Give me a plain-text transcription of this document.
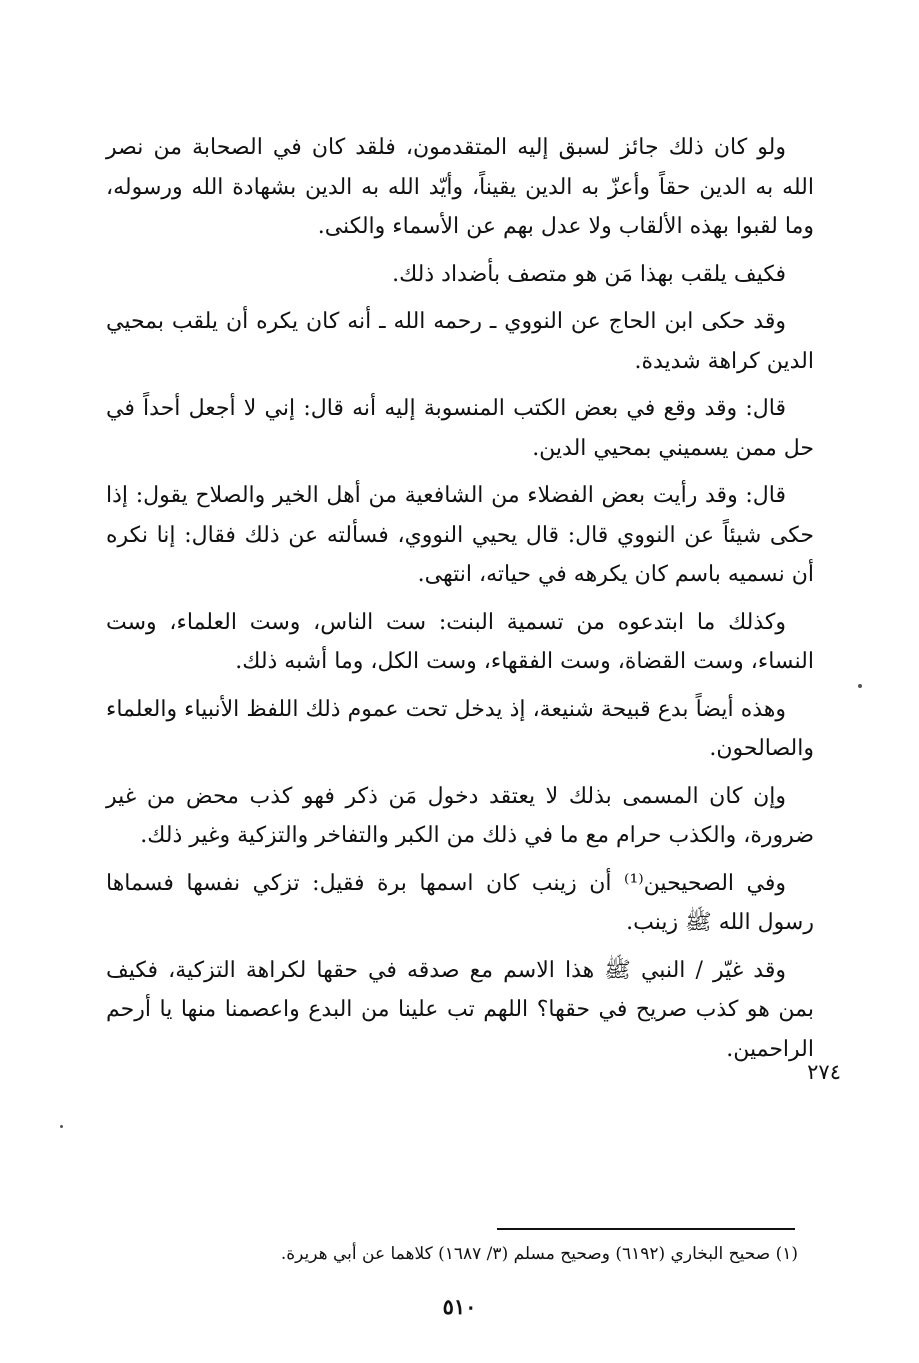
ولو كان ذلك جائز لسبق إليه المتقدمون، فلقد كان في الصحابة من نصر الله به الدين حقاً وأعزّ به الدين يقيناً، وأيّد الله به الدين بشهادة الله ورسوله، وما لقبوا بهذه الألقاب ولا عدل بهم عن الأسماء والكنى.

فكيف يلقب بهذا مَن هو متصف بأضداد ذلك.

وقد حكى ابن الحاج عن النووي ـ رحمه الله ـ أنه كان يكره أن يلقب بمحيي الدين كراهة شديدة.

قال: وقد وقع في بعض الكتب المنسوبة إليه أنه قال: إني لا أجعل أحداً في حل ممن يسميني بمحيي الدين.

قال: وقد رأيت بعض الفضلاء من الشافعية من أهل الخير والصلاح يقول: إذا حكى شيئاً عن النووي قال: قال يحيي النووي، فسألته عن ذلك فقال: إنا نكره أن نسميه باسم كان يكرهه في حياته، انتهى.

وكذلك ما ابتدعوه من تسمية البنت: ست الناس، وست العلماء، وست النساء، وست القضاة، وست الفقهاء، وست الكل، وما أشبه ذلك.

وهذه أيضاً بدع قبيحة شنيعة، إذ يدخل تحت عموم ذلك اللفظ الأنبياء والعلماء والصالحون.

وإن كان المسمى بذلك لا يعتقد دخول مَن ذكر فهو كذب محض من غير ضرورة، والكذب حرام مع ما في ذلك من الكبر والتفاخر والتزكية وغير ذلك.

وفي الصحيحين⁽¹⁾ أن زينب كان اسمها برة فقيل: تزكي نفسها فسماها رسول الله ﷺ زينب.

وقد غيّر / النبي ﷺ هذا الاسم مع صدقه في حقها لكراهة التزكية، فكيف بمن هو كذب صريح في حقها؟ اللهم تب علينا من البدع واعصمنا منها يا أرحم الراحمين.

٢٧٤
(١) صحيح البخاري (٦١٩٢) وصحيح مسلم (٣/ ١٦٨٧) كلاهما عن أبي هريرة.
٥١٠
